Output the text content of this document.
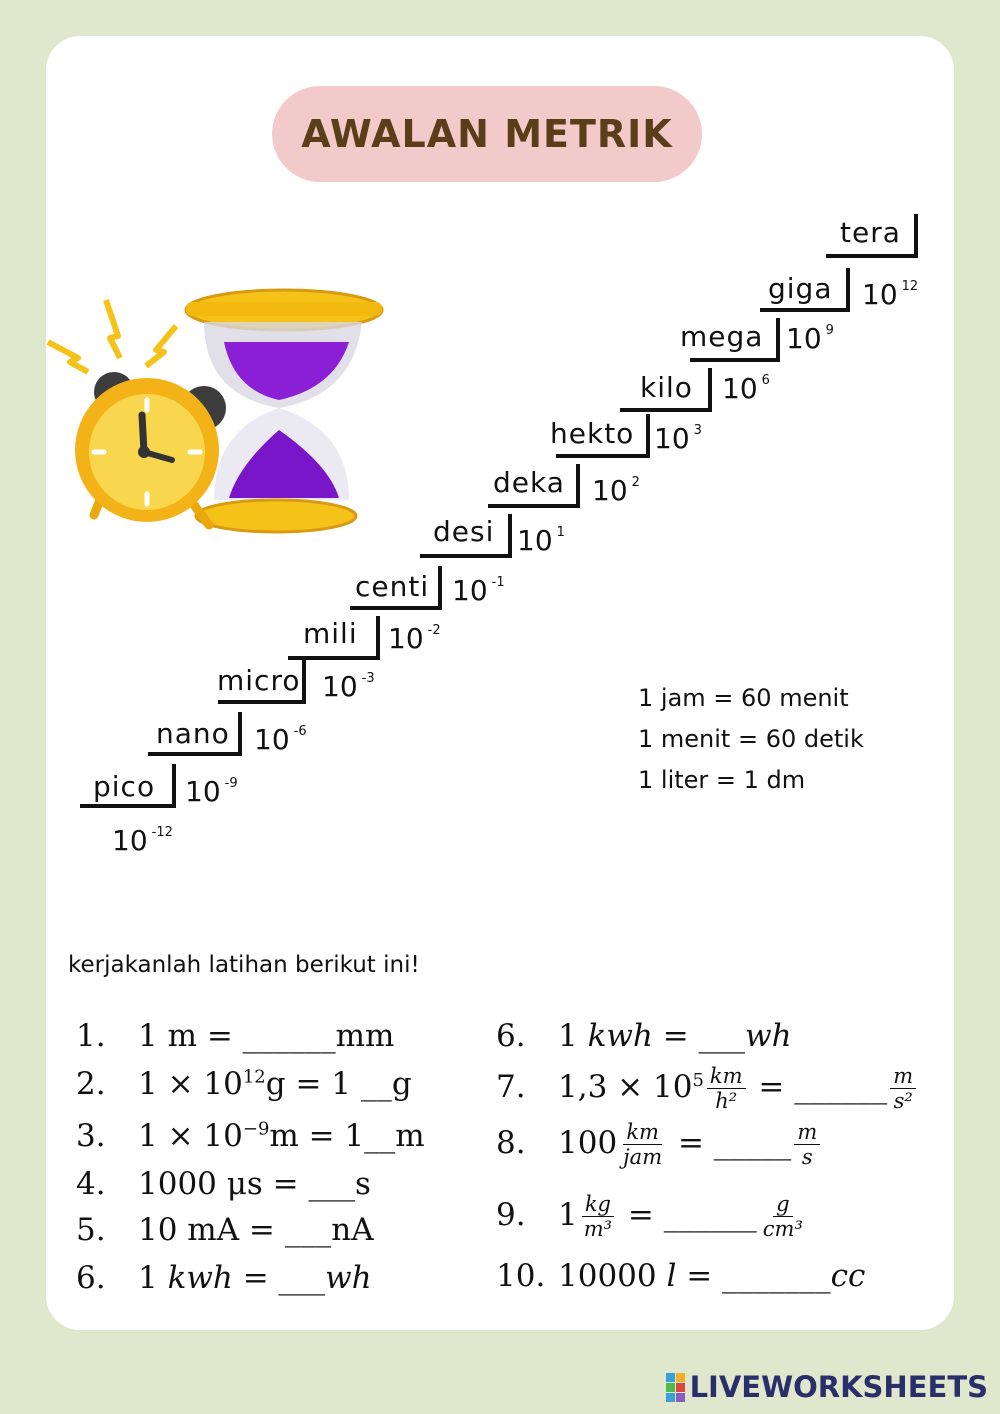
AWALAN METRIK
pico 10 $^{-9}$
nano 10 $^{-6}$
micro 10 $^{-3}$
mili 10 $^{-2}$
centi 10 $^{-1}$
desi 10 $^1$
deka 10 $^2$
hekto 10 $^3$
kilo 10 $^6$
mega 10 $^9$
giga 10 $^{12}$
tera
10 $^{-12}$
1 jam = 60 menit
1 menit = 60 detik
1 liter = 1 dm
kerjakanlah latihan berikut ini!
1. 1 m = ______mm
2. $1 \times 10^{12}g = 1$ __g
3. $1 \times 10^{-9}m$ = 1__m
4. 1000 μs = ___s
5. 10 mA = ___nA
6. 1 kwh = ___wh
6. 1 kwh = ___wh
7. $1,3 \times 10^5 \frac{km}{\text{h²}}$ = ______ $\frac{m}{\text{s²}}$
8. $100 \frac{km}{\text{jam}}$ = _____ $\frac{m}{s}$
9. $1 \frac{kg}{\text{m³}}$ = ______ $\frac{g}{\text{cm³}}$
10. 10000 l = _______cc
LIVEWORKSHEETS
